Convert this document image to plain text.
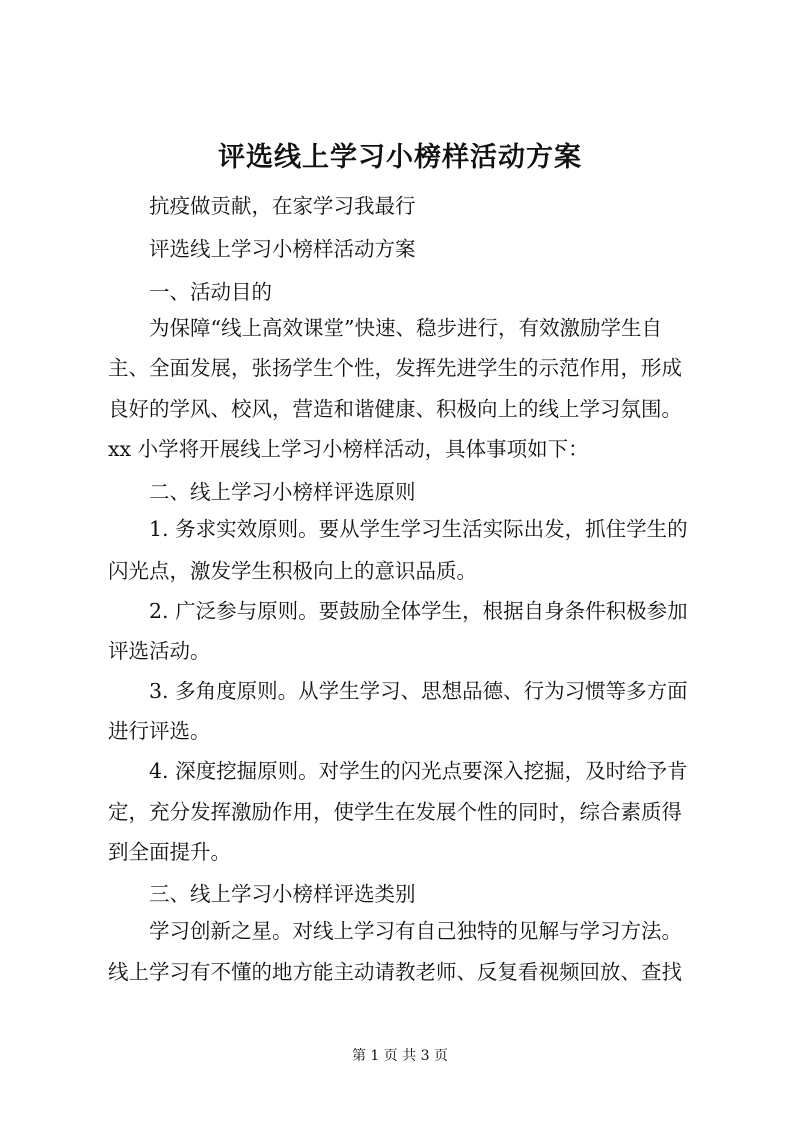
评选线上学习小榜样活动方案
抗疫做贡献，在家学习我最行
评选线上学习小榜样活动方案
一、活动目的
为保障“线上高效课堂”快速、稳步进行，有效激励学生自
主、全面发展，张扬学生个性，发挥先进学生的示范作用，形成
良好的学风、校风，营造和谐健康、积极向上的线上学习氛围。
xx 小学将开展线上学习小榜样活动，具体事项如下：
二、线上学习小榜样评选原则
1. 务求实效原则。要从学生学习生活实际出发，抓住学生的
闪光点，激发学生积极向上的意识品质。
2. 广泛参与原则。要鼓励全体学生，根据自身条件积极参加
评选活动。
3. 多角度原则。从学生学习、思想品德、行为习惯等多方面
进行评选。
4. 深度挖掘原则。对学生的闪光点要深入挖掘，及时给予肯
定，充分发挥激励作用，使学生在发展个性的同时，综合素质得
到全面提升。
三、线上学习小榜样评选类别
学习创新之星。对线上学习有自己独特的见解与学习方法。
线上学习有不懂的地方能主动请教老师、反复看视频回放、查找
第 1 页 共 3 页
